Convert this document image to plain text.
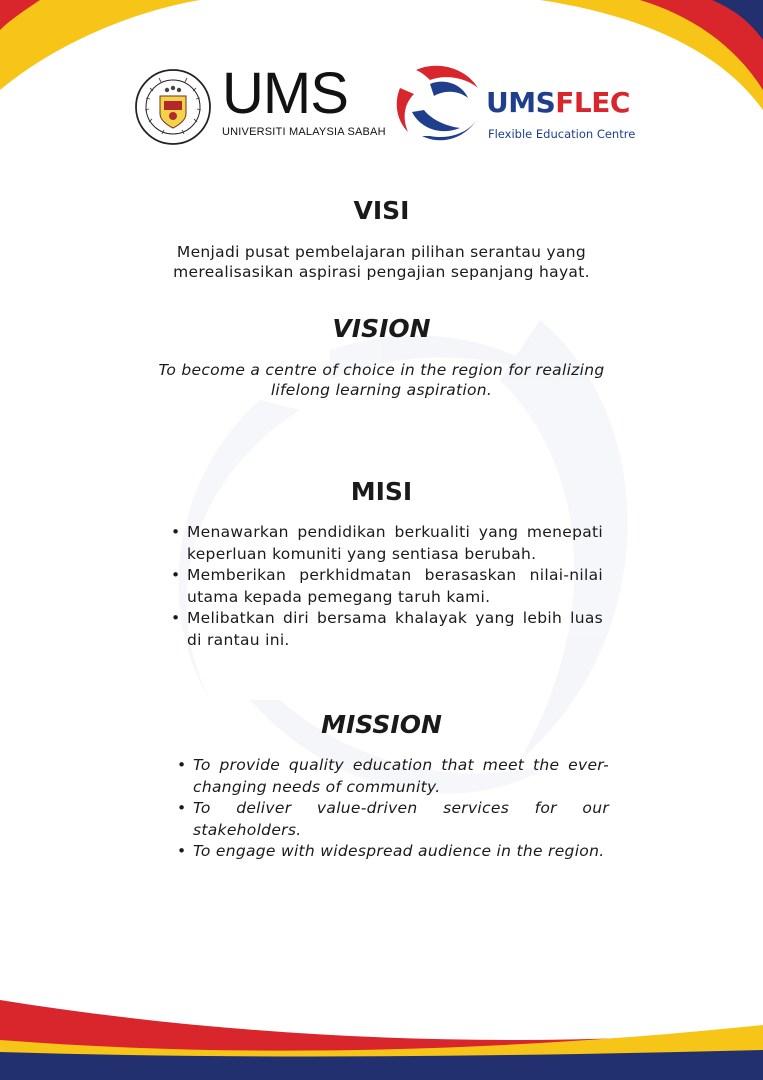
UMS
UNIVERSITI MALAYSIA SABAH
UMSFLEC
Flexible Education Centre
VISI

Menjadi pusat pembelajaran pilihan serantau yang merealisasikan aspirasi pengajian sepanjang hayat.

VISION

To become a centre of choice in the region for realizing lifelong learning aspiration.

MISI
• Menawarkan pendidikan berkualiti yang menepati keperluan komuniti yang sentiasa berubah.
• Memberikan perkhidmatan berasaskan nilai-nilai utama kepada pemegang taruh kami.
• Melibatkan diri bersama khalayak yang lebih luas di rantau ini.
MISSION
• To provide quality education that meet the ever-changing needs of community.
• To deliver value-driven services for our stakeholders.
• To engage with widespread audience in the region.
